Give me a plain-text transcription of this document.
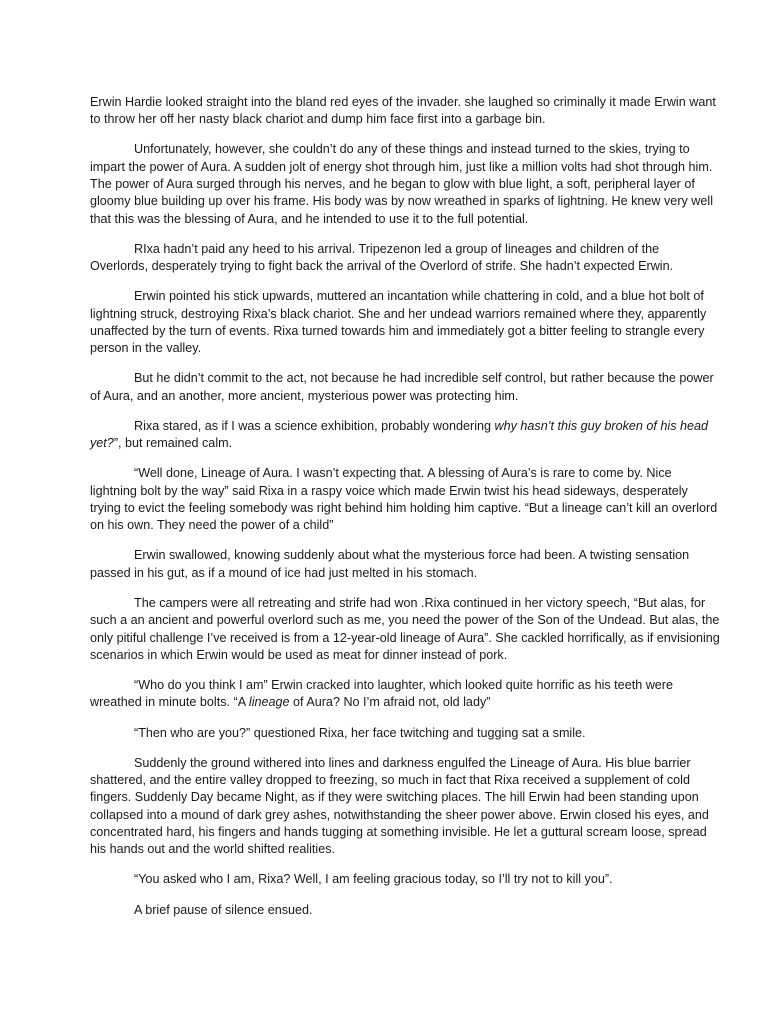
Erwin Hardie looked straight into the bland red eyes of the invader. she laughed so criminally it made Erwin want to throw her off her nasty black chariot and dump him face first into a garbage bin.

Unfortunately, however, she couldn’t do any of these things and instead turned to the skies, trying to impart the power of Aura. A sudden jolt of energy shot through him, just like a million volts had shot through him. The power of Aura surged through his nerves, and he began to glow with blue light, a soft, peripheral layer of gloomy blue building up over his frame. His body was by now wreathed in sparks of lightning. He knew very well that this was the blessing of Aura, and he intended to use it to the full potential.

RIxa hadn’t paid any heed to his arrival. Tripezenon led a group of lineages and children of the Overlords, desperately trying to fight back the arrival of the Overlord of strife. She hadn’t expected Erwin.

Erwin pointed his stick upwards, muttered an incantation while chattering in cold, and a blue hot bolt of lightning struck, destroying Rixa’s black chariot. She and her undead warriors remained where they, apparently unaffected by the turn of events. Rixa turned towards him and immediately got a bitter feeling to strangle every person in the valley.

But he didn’t commit to the act, not because he had incredible self control, but rather because the power of Aura, and an another, more ancient, mysterious power was protecting him.

Rixa stared, as if I was a science exhibition, probably wondering why hasn’t this guy broken of his head yet?”, but remained calm.

“Well done, Lineage of Aura. I wasn’t expecting that. A blessing of Aura’s is rare to come by. Nice lightning bolt by the way” said Rixa in a raspy voice which made Erwin twist his head sideways, desperately trying to evict the feeling somebody was right behind him holding him captive. “But a lineage can’t kill an overlord on his own. They need the power of a child”

Erwin swallowed, knowing suddenly about what the mysterious force had been. A twisting sensation passed in his gut, as if a mound of ice had just melted in his stomach.

The campers were all retreating and strife had won .Rixa continued in her victory speech, “But alas, for such a an ancient and powerful overlord such as me, you need the power of the Son of the Undead. But alas, the only pitiful challenge I’ve received is from a 12-year-old lineage of Aura”. She cackled horrifically, as if envisioning scenarios in which Erwin would be used as meat for dinner instead of pork.

“Who do you think I am” Erwin cracked into laughter, which looked quite horrific as his teeth were wreathed in minute bolts. “A lineage of Aura? No I’m afraid not, old lady”

“Then who are you?” questioned Rixa, her face twitching and tugging sat a smile.

Suddenly the ground withered into lines and darkness engulfed the Lineage of Aura. His blue barrier shattered, and the entire valley dropped to freezing, so much in fact that Rixa received a supplement of cold fingers. Suddenly Day became Night, as if they were switching places. The hill Erwin had been standing upon collapsed into a mound of dark grey ashes, notwithstanding the sheer power above. Erwin closed his eyes, and concentrated hard, his fingers and hands tugging at something invisible. He let a guttural scream loose, spread his hands out and the world shifted realities.

“You asked who I am, Rixa? Well, I am feeling gracious today, so I’ll try not to kill you”.

A brief pause of silence ensued.
